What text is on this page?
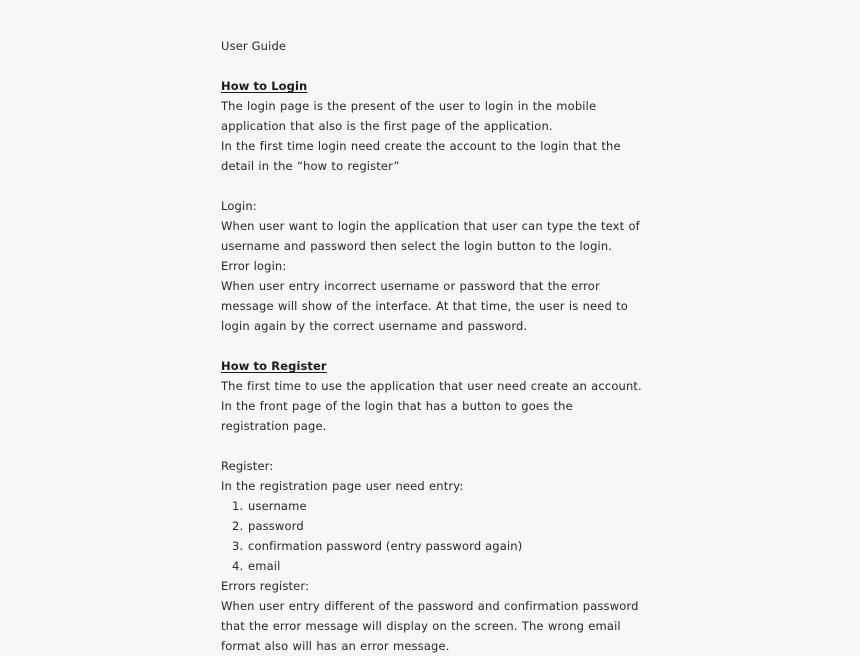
User Guide

How to Login

The login page is the present of the user to login in the mobile application that also is the first page of the application.

In the first time login need create the account to the login that the detail in the “how to register”

Login:

When user want to login the application that user can type the text of username and password then select the login button to the login.

Error login:

When user entry incorrect username or password that the error message will show of the interface. At that time, the user is need to login again by the correct username and password.

How to Register

The first time to use the application that user need create an account.

In the front page of the login that has a button to goes the registration page.

Register:

In the registration page user need entry:

1. username
2. password
3. confirmation password (entry password again)
4. email

Errors register:

When user entry different of the password and confirmation password that the error message will display on the screen. The wrong email format also will has an error message.
